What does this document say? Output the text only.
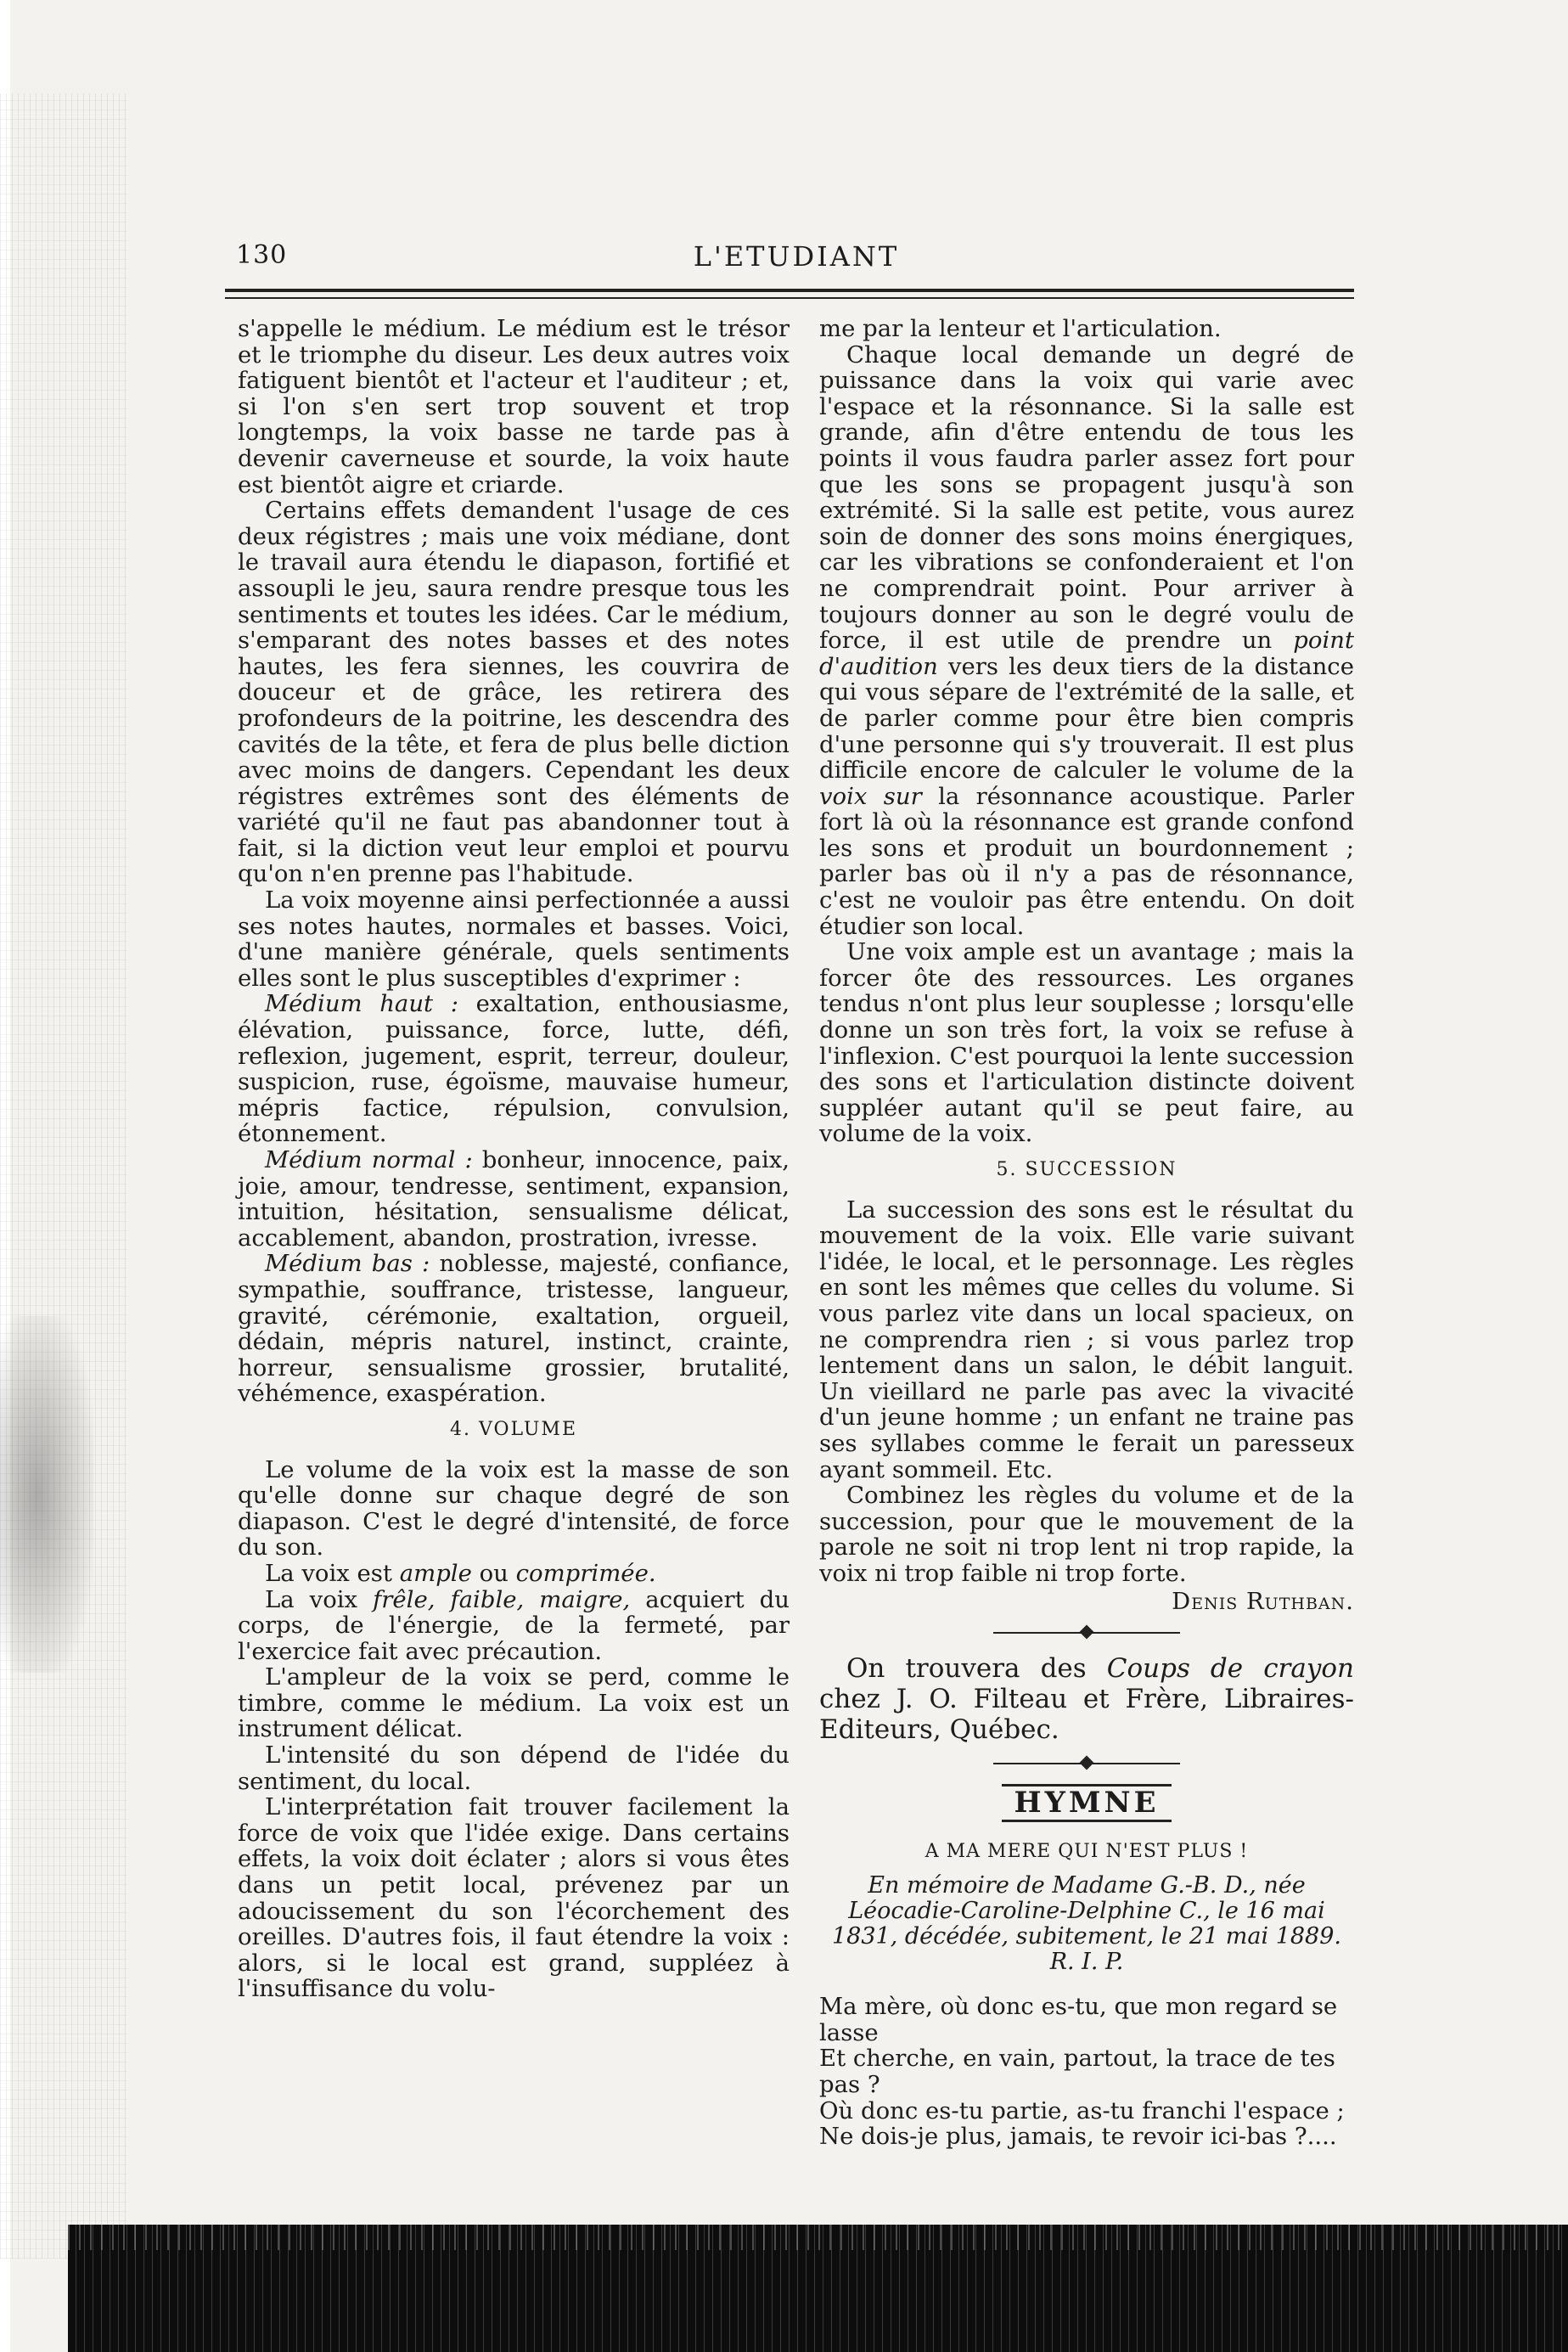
130	L'ETUDIANT

s'appelle le médium. Le médium est le trésor et le triomphe du diseur. Les deux autres voix fatiguent bientôt et l'acteur et l'auditeur ; et, si l'on s'en sert trop souvent et trop longtemps, la voix basse ne tarde pas à devenir caverneuse et sourde, la voix haute est bientôt aigre et criarde.

Certains effets demandent l'usage de ces deux régistres ; mais une voix médiane, dont le travail aura étendu le diapason, fortifié et assoupli le jeu, saura rendre presque tous les sentiments et toutes les idées. Car le médium, s'emparant des notes basses et des notes hautes, les fera siennes, les couvrira de douceur et de grâce, les retirera des profondeurs de la poitrine, les descendra des cavités de la tête, et fera de plus belle diction avec moins de dangers. Cependant les deux régistres extrêmes sont des éléments de variété qu'il ne faut pas abandonner tout à fait, si la diction veut leur emploi et pourvu qu'on n'en prenne pas l'habitude.

La voix moyenne ainsi perfectionnée a aussi ses notes hautes, normales et basses. Voici, d'une manière générale, quels sentiments elles sont le plus susceptibles d'exprimer :

Médium haut : exaltation, enthousiasme, élévation, puissance, force, lutte, défi, reflexion, jugement, esprit, terreur, douleur, suspicion, ruse, égoïsme, mauvaise humeur, mépris factice, répulsion, convulsion, étonnement.

Médium normal : bonheur, innocence, paix, joie, amour, tendresse, sentiment, expansion, intuition, hésitation, sensualisme délicat, accablement, abandon, prostration, ivresse.

Médium bas : noblesse, majesté, confiance, sympathie, souffrance, tristesse, langueur, gravité, cérémonie, exaltation, orgueil, dédain, mépris naturel, instinct, crainte, horreur, sensualisme grossier, brutalité, véhémence, exaspération.

4. VOLUME

Le volume de la voix est la masse de son qu'elle donne sur chaque degré de son diapason. C'est le degré d'intensité, de force du son.

La voix est ample ou comprimée.

La voix frêle, faible, maigre, acquiert du corps, de l'énergie, de la fermeté, par l'exercice fait avec précaution.

L'ampleur de la voix se perd, comme le timbre, comme le médium. La voix est un instrument délicat.

L'intensité du son dépend de l'idée du sentiment, du local.

L'interprétation fait trouver facilement la force de voix que l'idée exige. Dans certains effets, la voix doit éclater ; alors si vous êtes dans un petit local, prévenez par un adoucissement du son l'écorchement des oreilles. D'autres fois, il faut étendre la voix : alors, si le local est grand, suppléez à l'insuffisance du volu-

me par la lenteur et l'articulation.

Chaque local demande un degré de puissance dans la voix qui varie avec l'espace et la résonnance. Si la salle est grande, afin d'être entendu de tous les points il vous faudra parler assez fort pour que les sons se propagent jusqu'à son extrémité. Si la salle est petite, vous aurez soin de donner des sons moins énergiques, car les vibrations se confonderaient et l'on ne comprendrait point. Pour arriver à toujours donner au son le degré voulu de force, il est utile de prendre un point d'audition vers les deux tiers de la distance qui vous sépare de l'extrémité de la salle, et de parler comme pour être bien compris d'une personne qui s'y trouverait. Il est plus difficile encore de calculer le volume de la voix sur la résonnance acoustique. Parler fort là où la résonnance est grande confond les sons et produit un bourdonnement ; parler bas où il n'y a pas de résonnance, c'est ne vouloir pas être entendu. On doit étudier son local.

Une voix ample est un avantage ; mais la forcer ôte des ressources. Les organes tendus n'ont plus leur souplesse ; lorsqu'elle donne un son très fort, la voix se refuse à l'inflexion. C'est pourquoi la lente succession des sons et l'articulation distincte doivent suppléer autant qu'il se peut faire, au volume de la voix.

5. SUCCESSION

La succession des sons est le résultat du mouvement de la voix. Elle varie suivant l'idée, le local, et le personnage. Les règles en sont les mêmes que celles du volume. Si vous parlez vite dans un local spacieux, on ne comprendra rien ; si vous parlez trop lentement dans un salon, le débit languit. Un vieillard ne parle pas avec la vivacité d'un jeune homme ; un enfant ne traine pas ses syllabes comme le ferait un paresseux ayant sommeil. Etc.

Combinez les règles du volume et de la succession, pour que le mouvement de la parole ne soit ni trop lent ni trop rapide, la voix ni trop faible ni trop forte.

Denis Ruthban.

On trouvera des Coups de crayon chez J. O. Filteau et Frère, Libraires-Editeurs, Québec.

HYMNE
A MA MERE QUI N'EST PLUS !
En mémoire de Madame G.-B. D., née Léocadie-Caroline-Delphine C., le 16 mai 1831, décédée, subitement, le 21 mai 1889. R. I. P.

Ma mère, où donc es-tu, que mon regard se lasse

Et cherche, en vain, partout, la trace de tes pas ?

Où donc es-tu partie, as-tu franchi l'espace ;

Ne dois-je plus, jamais, te revoir ici-bas ?....
